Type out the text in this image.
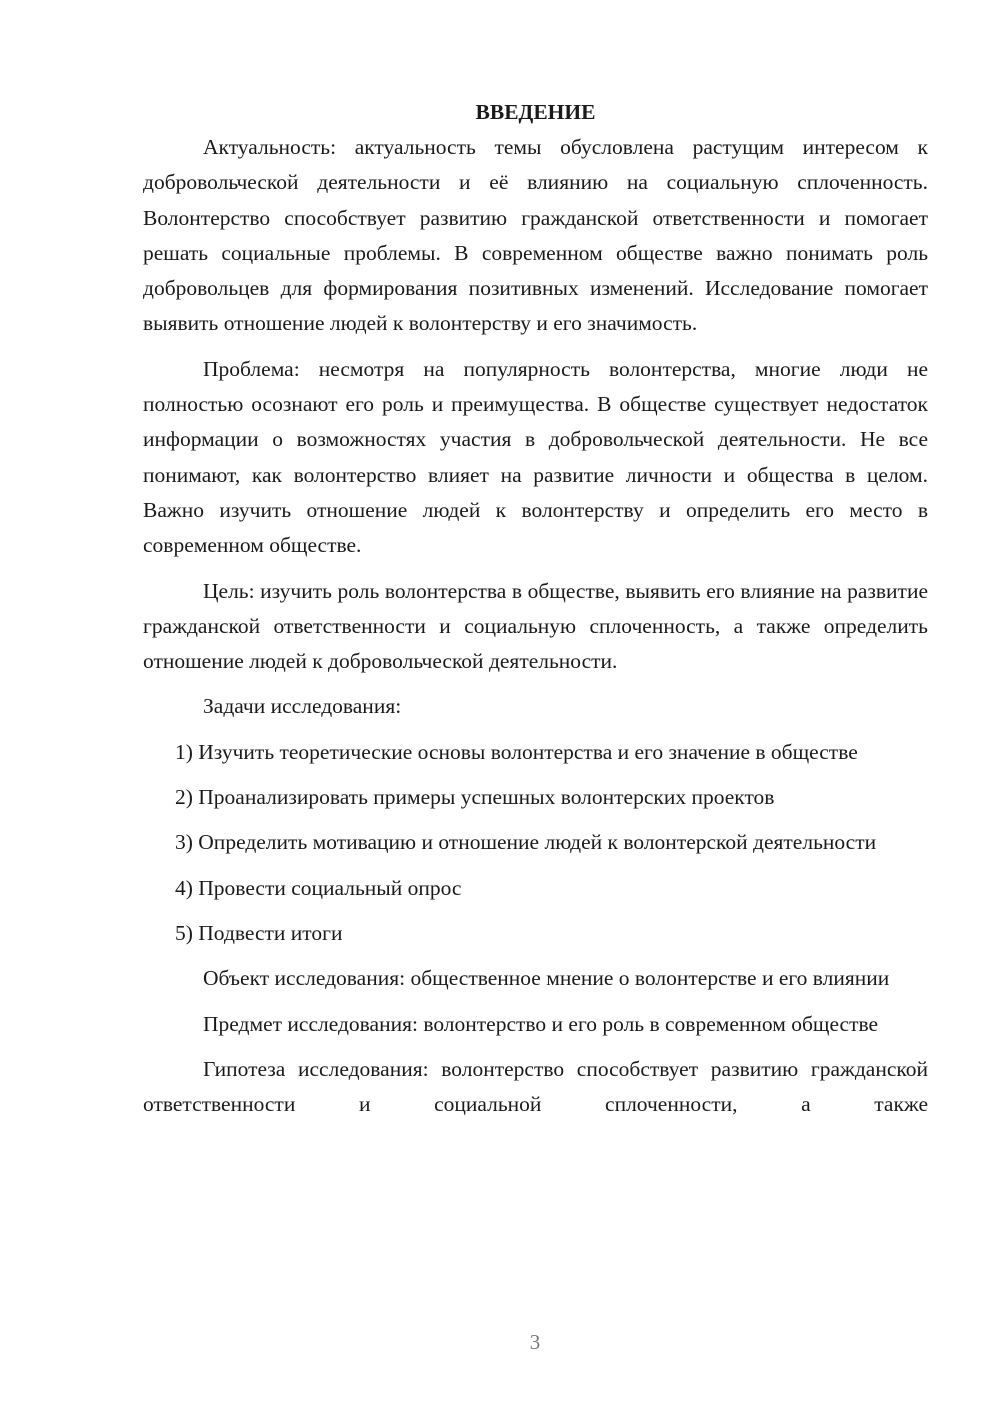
ВВЕДЕНИЕ

Актуальность: актуальность темы обусловлена растущим интересом к добровольческой деятельности и её влиянию на социальную сплоченность. Волонтерство способствует развитию гражданской ответственности и помогает решать социальные проблемы. В современном обществе важно понимать роль добровольцев для формирования позитивных изменений. Исследование помогает выявить отношение людей к волонтерству и его значимость.

Проблема: несмотря на популярность волонтерства, многие люди не полностью осознают его роль и преимущества. В обществе существует недостаток информации о возможностях участия в добровольческой деятельности. Не все понимают, как волонтерство влияет на развитие личности и общества в целом. Важно изучить отношение людей к волонтерству и определить его место в современном обществе.

Цель: изучить роль волонтерства в обществе, выявить его влияние на развитие гражданской ответственности и социальную сплоченность, а также определить отношение людей к добровольческой деятельности.

Задачи исследования:

1) Изучить теоретические основы волонтерства и его значение в обществе

2) Проанализировать примеры успешных волонтерских проектов

3) Определить мотивацию и отношение людей к волонтерской деятельности

4) Провести социальный опрос

5) Подвести итоги

Объект исследования: общественное мнение о волонтерстве и его влиянии

Предмет исследования: волонтерство и его роль в современном обществе

Гипотеза исследования: волонтерство способствует развитию гражданской ответственности и социальной сплоченности, а также

3
